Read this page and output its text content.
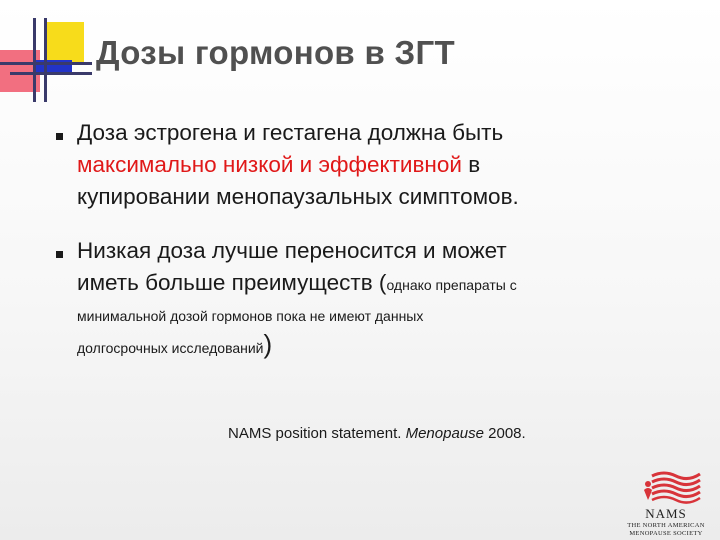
Дозы гормонов в ЗГТ
Доза эстрогена и гестагена должна быть
максимально низкой и эффективной в
купировании менопаузальных симптомов.
Низкая доза лучше переносится и может
иметь больше преимуществ (однако препараты с
минимальной дозой гормонов пока не имеют данных
долгосрочных исследований)
NAMS position statement. Menopause 2008.
NAMS
THE NORTH AMERICAN
MENOPAUSE SOCIETY
